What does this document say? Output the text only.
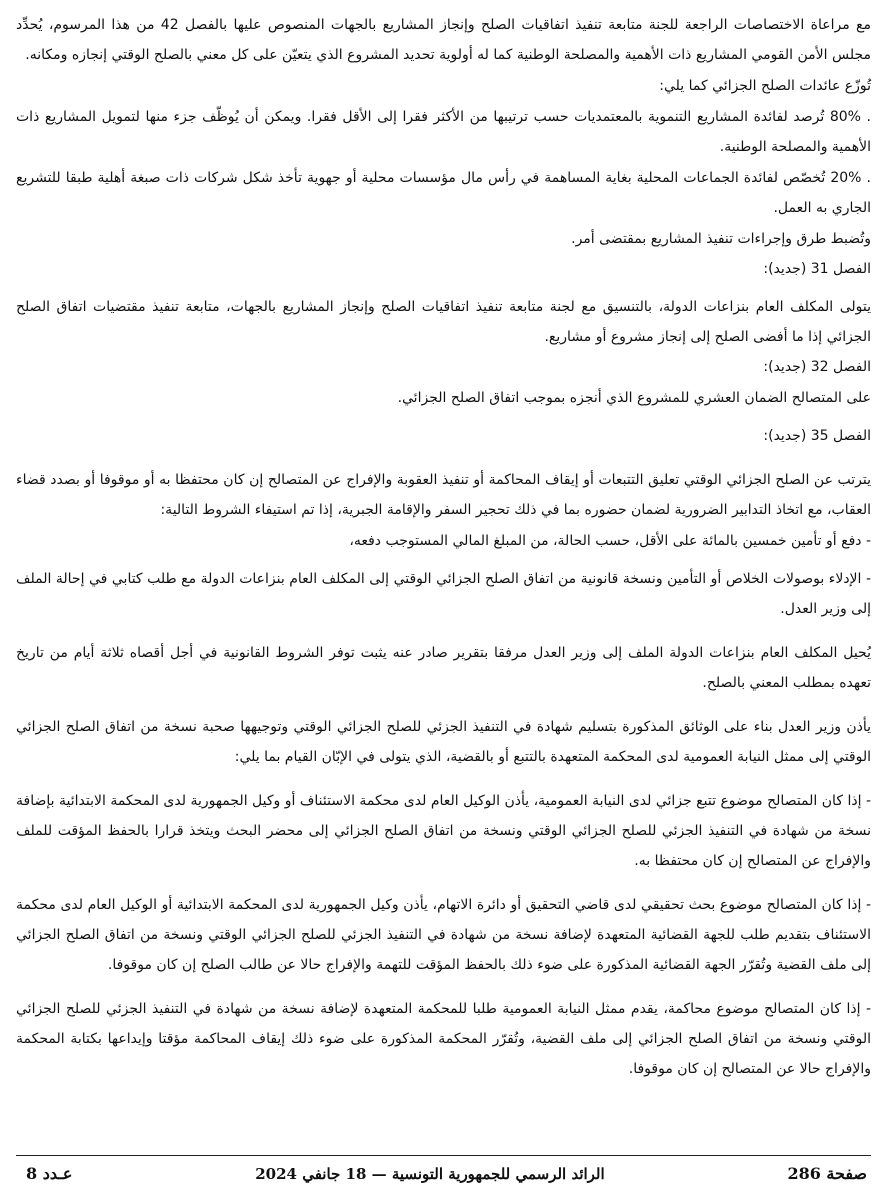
مع مراعاة الاختصاصات الراجعة للجنة متابعة تنفيذ اتفاقيات الصلح وإنجاز المشاريع بالجهات المنصوص عليها بالفصل 42 من هذا المرسوم، يُحدِّد مجلس الأمن القومي المشاريع ذات الأهمية والمصلحة الوطنية كما له أولوية تحديد المشروع الذي يتعيّن على كل معني بالصلح الوقتي إنجازه ومكانه.

تُوزّع عائدات الصلح الجزائي كما يلي:

. 80% تُرصد لفائدة المشاريع التنموية بالمعتمديات حسب ترتيبها من الأكثر فقرا إلى الأقل فقرا. ويمكن أن يُوظّف جزء منها لتمويل المشاريع ذات الأهمية والمصلحة الوطنية.

. 20% تُخصّص لفائدة الجماعات المحلية بغاية المساهمة في رأس مال مؤسسات محلية أو جهوية تأخذ شكل شركات ذات صبغة أهلية طبقا للتشريع الجاري به العمل.

وتُضبط طرق وإجراءات تنفيذ المشاريع بمقتضى أمر.

الفصل 31 (جديد):

يتولى المكلف العام بنزاعات الدولة، بالتنسيق مع لجنة متابعة تنفيذ اتفاقيات الصلح وإنجاز المشاريع بالجهات، متابعة تنفيذ مقتضيات اتفاق الصلح الجزائي إذا ما أفضى الصلح إلى إنجاز مشروع أو مشاريع.

الفصل 32 (جديد):

على المتصالح الضمان العشري للمشروع الذي أنجزه بموجب اتفاق الصلح الجزائي.

الفصل 35 (جديد):

يترتب عن الصلح الجزائي الوقتي تعليق التتبعات أو إيقاف المحاكمة أو تنفيذ العقوبة والإفراج عن المتصالح إن كان محتفظا به أو موقوفا أو بصدد قضاء العقاب، مع اتخاذ التدابير الضرورية لضمان حضوره بما في ذلك تحجير السفر والإقامة الجبرية، إذا تم استيفاء الشروط التالية:

- دفع أو تأمين خمسين بالمائة على الأقل، حسب الحالة، من المبلغ المالي المستوجب دفعه،

- الإدلاء بوصولات الخلاص أو التأمين ونسخة قانونية من اتفاق الصلح الجزائي الوقتي إلى المكلف العام بنزاعات الدولة مع طلب كتابي في إحالة الملف إلى وزير العدل.

يُحيل المكلف العام بنزاعات الدولة الملف إلى وزير العدل مرفقا بتقرير صادر عنه يثبت توفر الشروط القانونية في أجل أقصاه ثلاثة أيام من تاريخ تعهده بمطلب المعني بالصلح.

يأذن وزير العدل بناء على الوثائق المذكورة بتسليم شهادة في التنفيذ الجزئي للصلح الجزائي الوقتي وتوجيهها صحبة نسخة من اتفاق الصلح الجزائي الوقتي إلى ممثل النيابة العمومية لدى المحكمة المتعهدة بالتتبع أو بالقضية، الذي يتولى في الإبّان القيام بما يلي:

- إذا كان المتصالح موضوع تتبع جزائي لدى النيابة العمومية، يأذن الوكيل العام لدى محكمة الاستئناف أو وكيل الجمهورية لدى المحكمة الابتدائية بإضافة نسخة من شهادة في التنفيذ الجزئي للصلح الجزائي الوقتي ونسخة من اتفاق الصلح الجزائي إلى محضر البحث ويتخذ قرارا بالحفظ المؤقت للملف والإفراج عن المتصالح إن كان محتفظا به.

- إذا كان المتصالح موضوع بحث تحقيقي لدى قاضي التحقيق أو دائرة الاتهام، يأذن وكيل الجمهورية لدى المحكمة الابتدائية أو الوكيل العام لدى محكمة الاستئناف بتقديم طلب للجهة القضائية المتعهدة لإضافة نسخة من شهادة في التنفيذ الجزئي للصلح الجزائي الوقتي ونسخة من اتفاق الصلح الجزائي إلى ملف القضية وتُقرّر الجهة القضائية المذكورة على ضوء ذلك بالحفظ المؤقت للتهمة والإفراج حالا عن طالب الصلح إن كان موقوفا.

- إذا كان المتصالح موضوع محاكمة، يقدم ممثل النيابة العمومية طلبا للمحكمة المتعهدة لإضافة نسخة من شهادة في التنفيذ الجزئي للصلح الجزائي الوقتي ونسخة من اتفاق الصلح الجزائي إلى ملف القضية، وتُقرّر المحكمة المذكورة على ضوء ذلك إيقاف المحاكمة مؤقتا وإيداعها بكتابة المحكمة والإفراج حالا عن المتصالح إن كان موقوفا.

صفحة 286
الرائد الرسمي للجمهورية التونسية — 18 جانفي 2024
عـدد 8
